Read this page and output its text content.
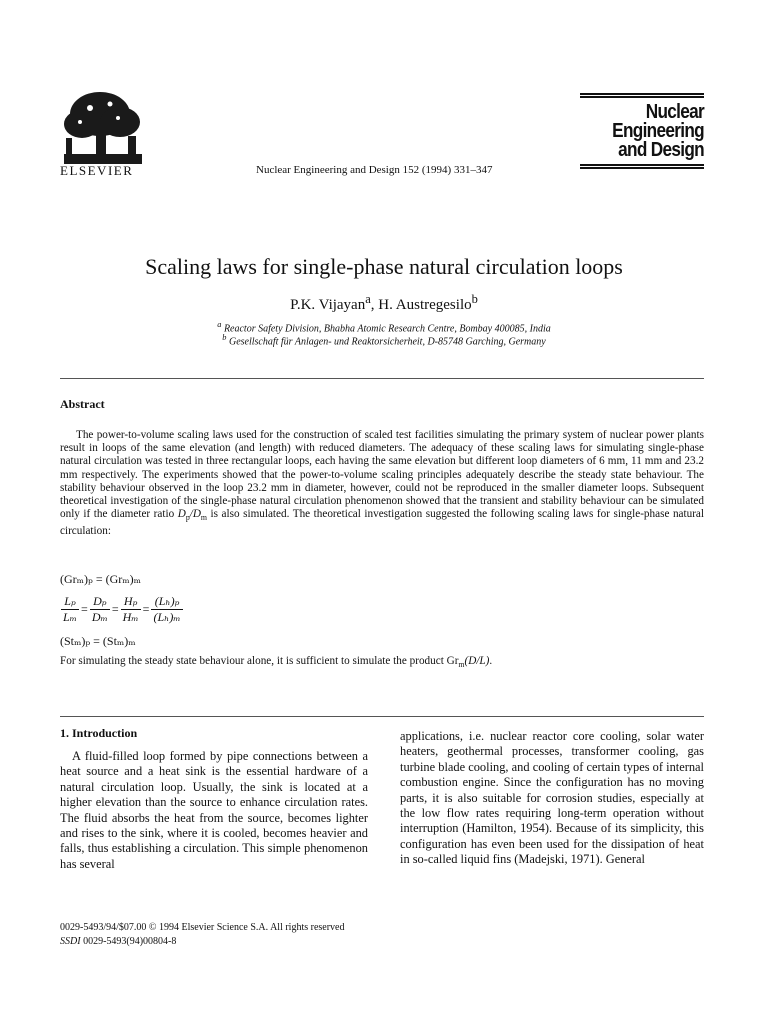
ELSEVIER	Nuclear Engineering and Design 152 (1994) 331–347
Nuclear
Engineering
and Design
Scaling laws for single-phase natural circulation loops
P.K. Vijayan$^a$, H. Austregesilo$^b$
$^a$ Reactor Safety Division, Bhabha Atomic Research Centre, Bombay 400085, India
$^b$ Gesellschaft für Anlagen- und Reaktorsicherheit, D-85748 Garching, Germany
Abstract
The power-to-volume scaling laws used for the construction of scaled test facilities simulating the primary system of nuclear power plants result in loops of the same elevation (and length) with reduced diameters. The adequacy of these scaling laws for simulating single-phase natural circulation was tested in three rectangular loops, each having the same elevation but different loop diameters of 6 mm, 11 mm and 23.2 mm respectively. The experiments showed that the power-to-volume scaling principles adequately describe the steady state behaviour. The stability behaviour observed in the loop 23.2 mm in diameter, however, could not be reproduced in the smaller diameter loops. Subsequent theoretical investigation of the single-phase natural circulation phenomenon showed that the transient and stability behaviour can be simulated only if the diameter ratio $D_p/D_m$ is also simulated. The theoretical investigation suggested the following scaling laws for single-phase natural circulation:
(Grₘ)ₚ = (Grₘ)ₘ
$\frac{\text{Lₚ}}{\text{Lₘ}} = \frac{\text{Dₚ}}{\text{Dₘ}} = \frac{\text{Hₚ}}{\text{Hₘ}} = \frac{\text{(Lₕ)ₚ}}{\text{(Lₕ)ₘ}}$
(Stₘ)ₚ = (Stₘ)ₘ
For simulating the steady state behaviour alone, it is sufficient to simulate the product $Gr_m(D/L)$.
1. Introduction
A fluid-filled loop formed by pipe connections between a heat source and a heat sink is the essential hardware of a natural circulation loop. Usually, the sink is located at a higher elevation than the source to enhance circulation rates. The fluid absorbs the heat from the source, becomes lighter and rises to the sink, where it is cooled, becomes heavier and falls, thus establishing a circulation. This simple phenomenon has several
applications, i.e. nuclear reactor core cooling, solar water heaters, geothermal processes, transformer cooling, gas turbine blade cooling, and cooling of certain types of internal combustion engine. Since the configuration has no moving parts, it is also suitable for corrosion studies, especially at the low flow rates requiring long-term operation without interruption (Hamilton, 1954). Because of its simplicity, this configuration has even been used for the dissipation of heat in so-called liquid fins (Madejski, 1971). General
0029-5493/94/$07.00 © 1994 Elsevier Science S.A. All rights reserved
SSDI 0029-5493(94)00804-8
